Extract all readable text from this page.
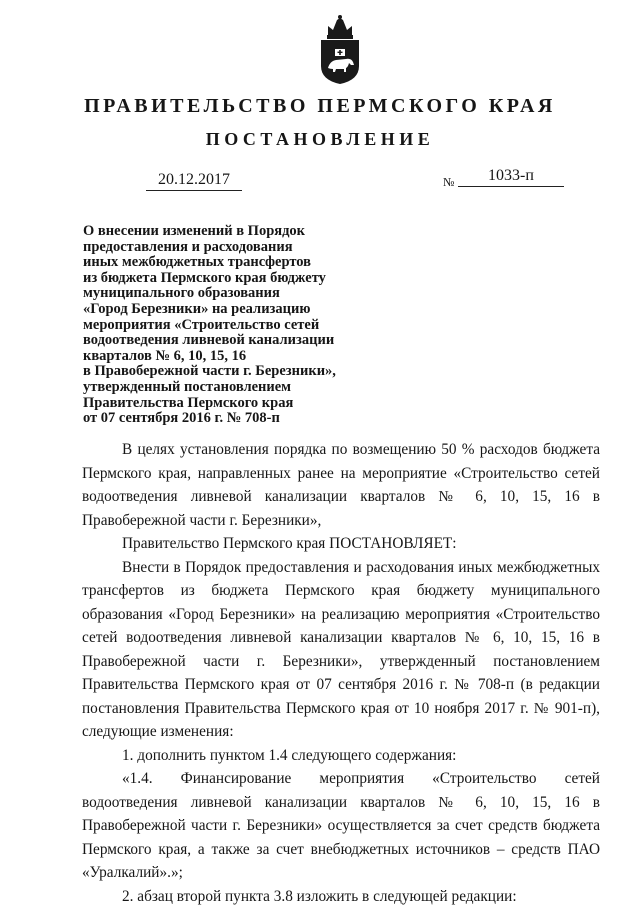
ПРАВИТЕЛЬСТВО ПЕРМСКОГО КРАЯ
ПОСТАНОВЛЕНИЕ
20.12.2017	№	1033-п
О внесении изменений в Порядок
предоставления и расходования
иных межбюджетных трансфертов
из бюджета Пермского края бюджету
муниципального образования
«Город Березники» на реализацию
мероприятия «Строительство сетей
водоотведения ливневой канализации
кварталов № 6, 10, 15, 16
в Правобережной части г. Березники»,
утвержденный постановлением
Правительства Пермского края
от 07 сентября 2016 г. № 708-п

В целях установления порядка по возмещению 50 % расходов бюджета Пермского края, направленных ранее на мероприятие «Строительство сетей водоотведения ливневой канализации кварталов № 6, 10, 15, 16 в Правобережной части г. Березники»,

Правительство Пермского края ПОСТАНОВЛЯЕТ:

Внести в Порядок предоставления и расходования иных межбюджетных трансфертов из бюджета Пермского края бюджету муниципального образования «Город Березники» на реализацию мероприятия «Строительство сетей водоотведения ливневой канализации кварталов № 6, 10, 15, 16 в Правобережной части г. Березники», утвержденный постановлением Правительства Пермского края от 07 сентября 2016 г. № 708-п (в редакции постановления Правительства Пермского края от 10 ноября 2017 г. № 901-п), следующие изменения:

1. дополнить пунктом 1.4 следующего содержания:

«1.4. Финансирование мероприятия «Строительство сетей водоотведения ливневой канализации кварталов № 6, 10, 15, 16 в Правобережной части г. Березники» осуществляется за счет средств бюджета Пермского края, а также за счет внебюджетных источников – средств ПАО «Уралкалий».»;

2. абзац второй пункта 3.8 изложить в следующей редакции:
